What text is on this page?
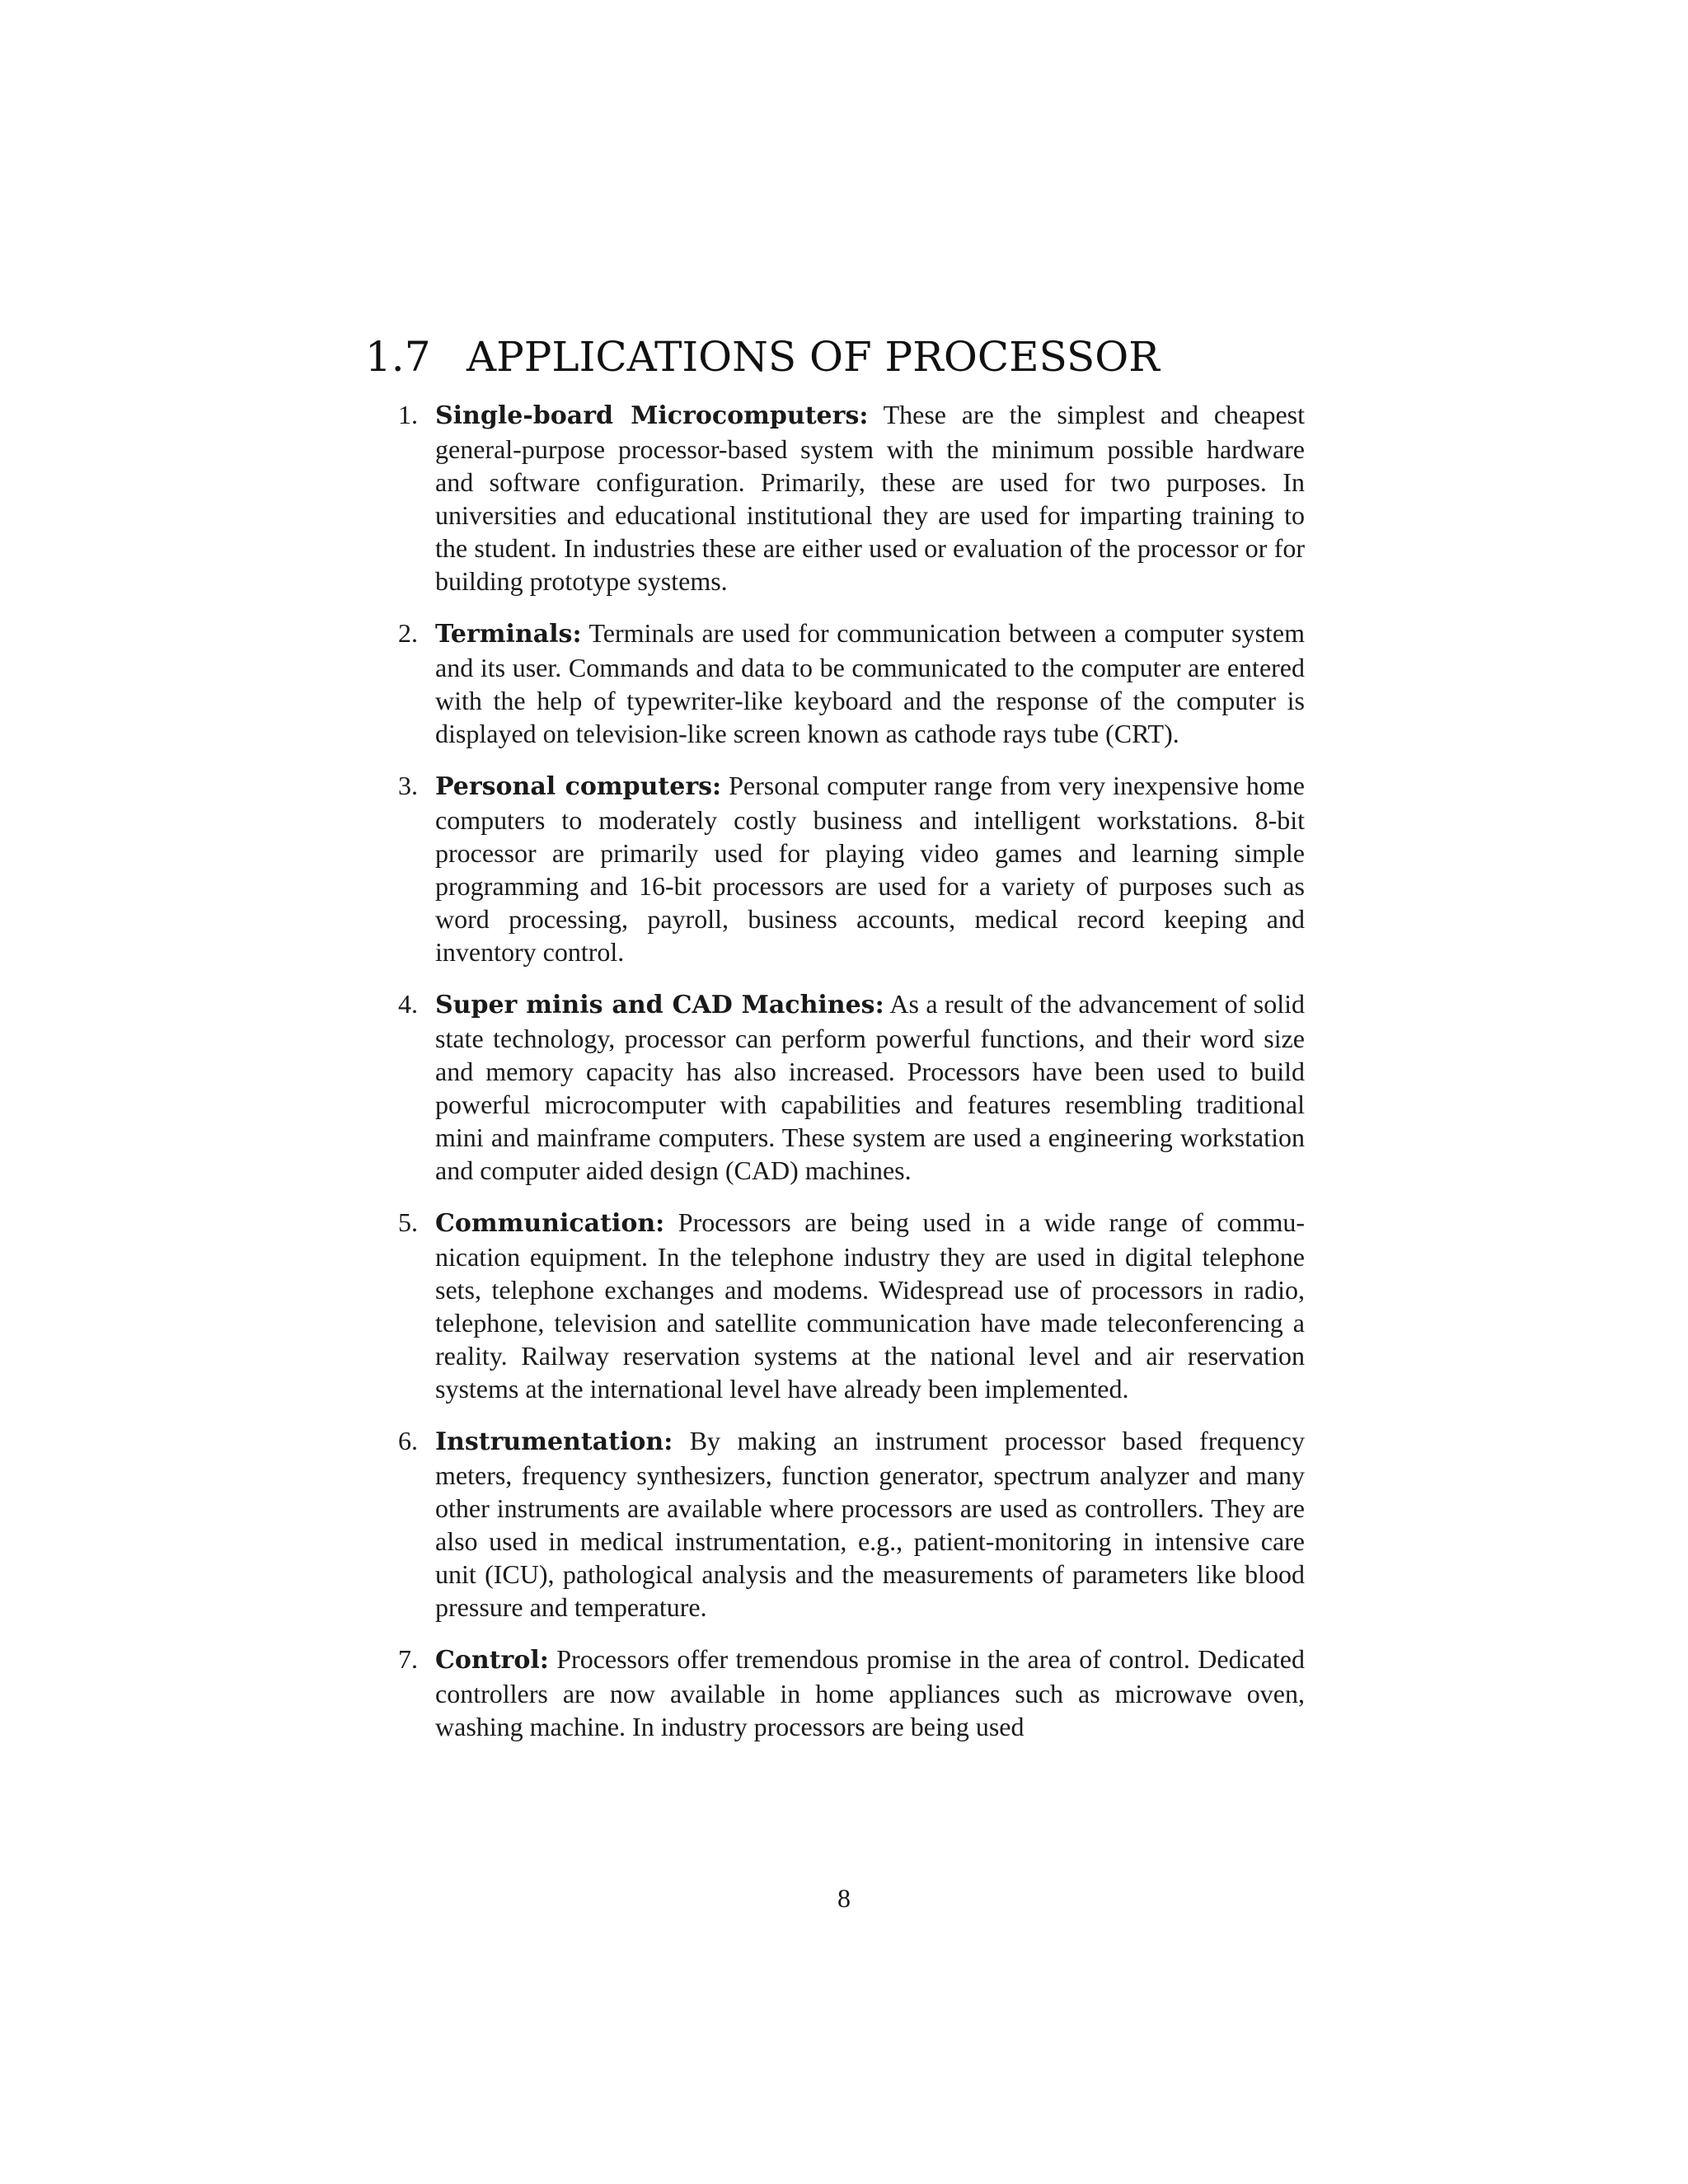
1.7 APPLICATIONS OF PROCESSOR
1. Single-board Microcomputers: These are the simplest and cheapest general-purpose processor-based system with the minimum possible hardware and software configuration. Primarily, these are used for two purposes. In universities and educational institutional they are used for imparting training to the student. In industries these are either used or evaluation of the processor or for building prototype systems.
2. Terminals: Terminals are used for communication between a computer system and its user. Commands and data to be communicated to the computer are entered with the help of typewriter-like keyboard and the response of the computer is displayed on television-like screen known as cathode rays tube (CRT).
3. Personal computers: Personal computer range from very inexpensive home computers to moderately costly business and intelligent workstations. 8-bit processor are primarily used for playing video games and learning simple programming and 16-bit processors are used for a variety of purposes such as word processing, payroll, business accounts, medical record keeping and inventory control.
4. Super minis and CAD Machines: As a result of the advancement of solid state technology, processor can perform powerful functions, and their word size and memory capacity has also increased. Processors have been used to build powerful microcomputer with capabilities and features resembling traditional mini and mainframe computers. These system are used a engineering workstation and computer aided design (CAD) machines.
5. Communication: Processors are being used in a wide range of communication equipment. In the telephone industry they are used in digital telephone sets, telephone exchanges and modems. Widespread use of processors in radio, telephone, television and satellite communication have made teleconferencing a reality. Railway reservation systems at the national level and air reservation systems at the international level have already been implemented.
6. Instrumentation: By making an instrument processor based frequency meters, frequency synthesizers, function generator, spectrum analyzer and many other instruments are available where processors are used as controllers. They are also used in medical instrumentation, e.g., patient-monitoring in intensive care unit (ICU), pathological analysis and the measurements of parameters like blood pressure and temperature.
7. Control: Processors offer tremendous promise in the area of control. Dedicated controllers are now available in home appliances such as microwave oven, washing machine. In industry processors are being used
8
